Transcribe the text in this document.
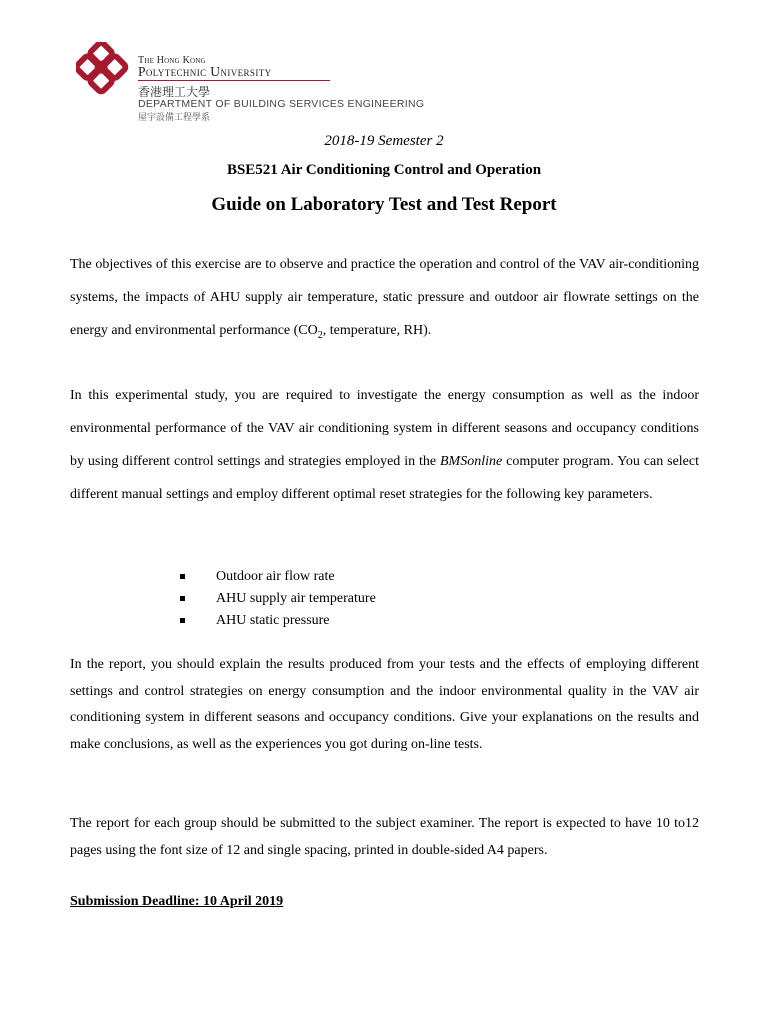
The Hong Kong
Polytechnic University
香港理工大學
DEPARTMENT OF BUILDING SERVICES ENGINEERING
屋宇設備工程學系
2018-19 Semester 2
BSE521 Air Conditioning Control and Operation
Guide on Laboratory Test and Test Report
The objectives of this exercise are to observe and practice the operation and control of the VAV air-conditioning systems, the impacts of AHU supply air temperature, static pressure and outdoor air flowrate settings on the energy and environmental performance ($CO_2$, temperature, RH).
In this experimental study, you are required to investigate the energy consumption as well as the indoor environmental performance of the VAV air conditioning system in different seasons and occupancy conditions by using different control settings and strategies employed in the BMSonline computer program. You can select different manual settings and employ different optimal reset strategies for the following key parameters.
Outdoor air flow rate
AHU supply air temperature
AHU static pressure
In the report, you should explain the results produced from your tests and the effects of employing different settings and control strategies on energy consumption and the indoor environmental quality in the VAV air conditioning system in different seasons and occupancy conditions. Give your explanations on the results and make conclusions, as well as the experiences you got during on-line tests.
The report for each group should be submitted to the subject examiner. The report is expected to have 10 to12 pages using the font size of 12 and single spacing, printed in double-sided A4 papers.
Submission Deadline: 10 April 2019
